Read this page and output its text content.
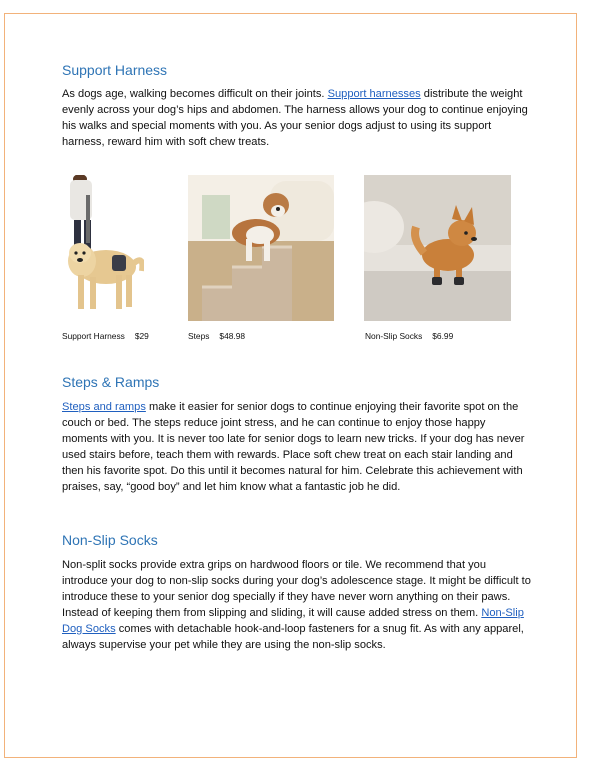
Support Harness

As dogs age, walking becomes difficult on their joints. Support harnesses distribute the weight evenly across your dog’s hips and abdomen. The harness allows your dog to continue enjoying his walks and special moments with you. As your senior dogs adjust to using its support harness, reward him with soft chew treats.

Support Harness $29	Steps $48.98	Non-Slip Socks $6.99
Steps & Ramps

Steps and ramps make it easier for senior dogs to continue enjoying their favorite spot on the couch or bed. The steps reduce joint stress, and he can continue to enjoy those happy moments with you. It is never too late for senior dogs to learn new tricks. If your dog has never used stairs before, teach them with rewards. Place soft chew treat on each stair landing and then his favorite spot. Do this until it becomes natural for him. Celebrate this achievement with praises, say, “good boy” and let him know what a fantastic job he did.

Non-Slip Socks

Non-split socks provide extra grips on hardwood floors or tile. We recommend that you introduce your dog to non-slip socks during your dog’s adolescence stage. It might be difficult to introduce these to your senior dog specially if they have never worn anything on their paws. Instead of keeping them from slipping and sliding, it will cause added stress on them. Non-Slip Dog Socks comes with detachable hook-and-loop fasteners for a snug fit. As with any apparel, always supervise your pet while they are using the non-slip socks.
